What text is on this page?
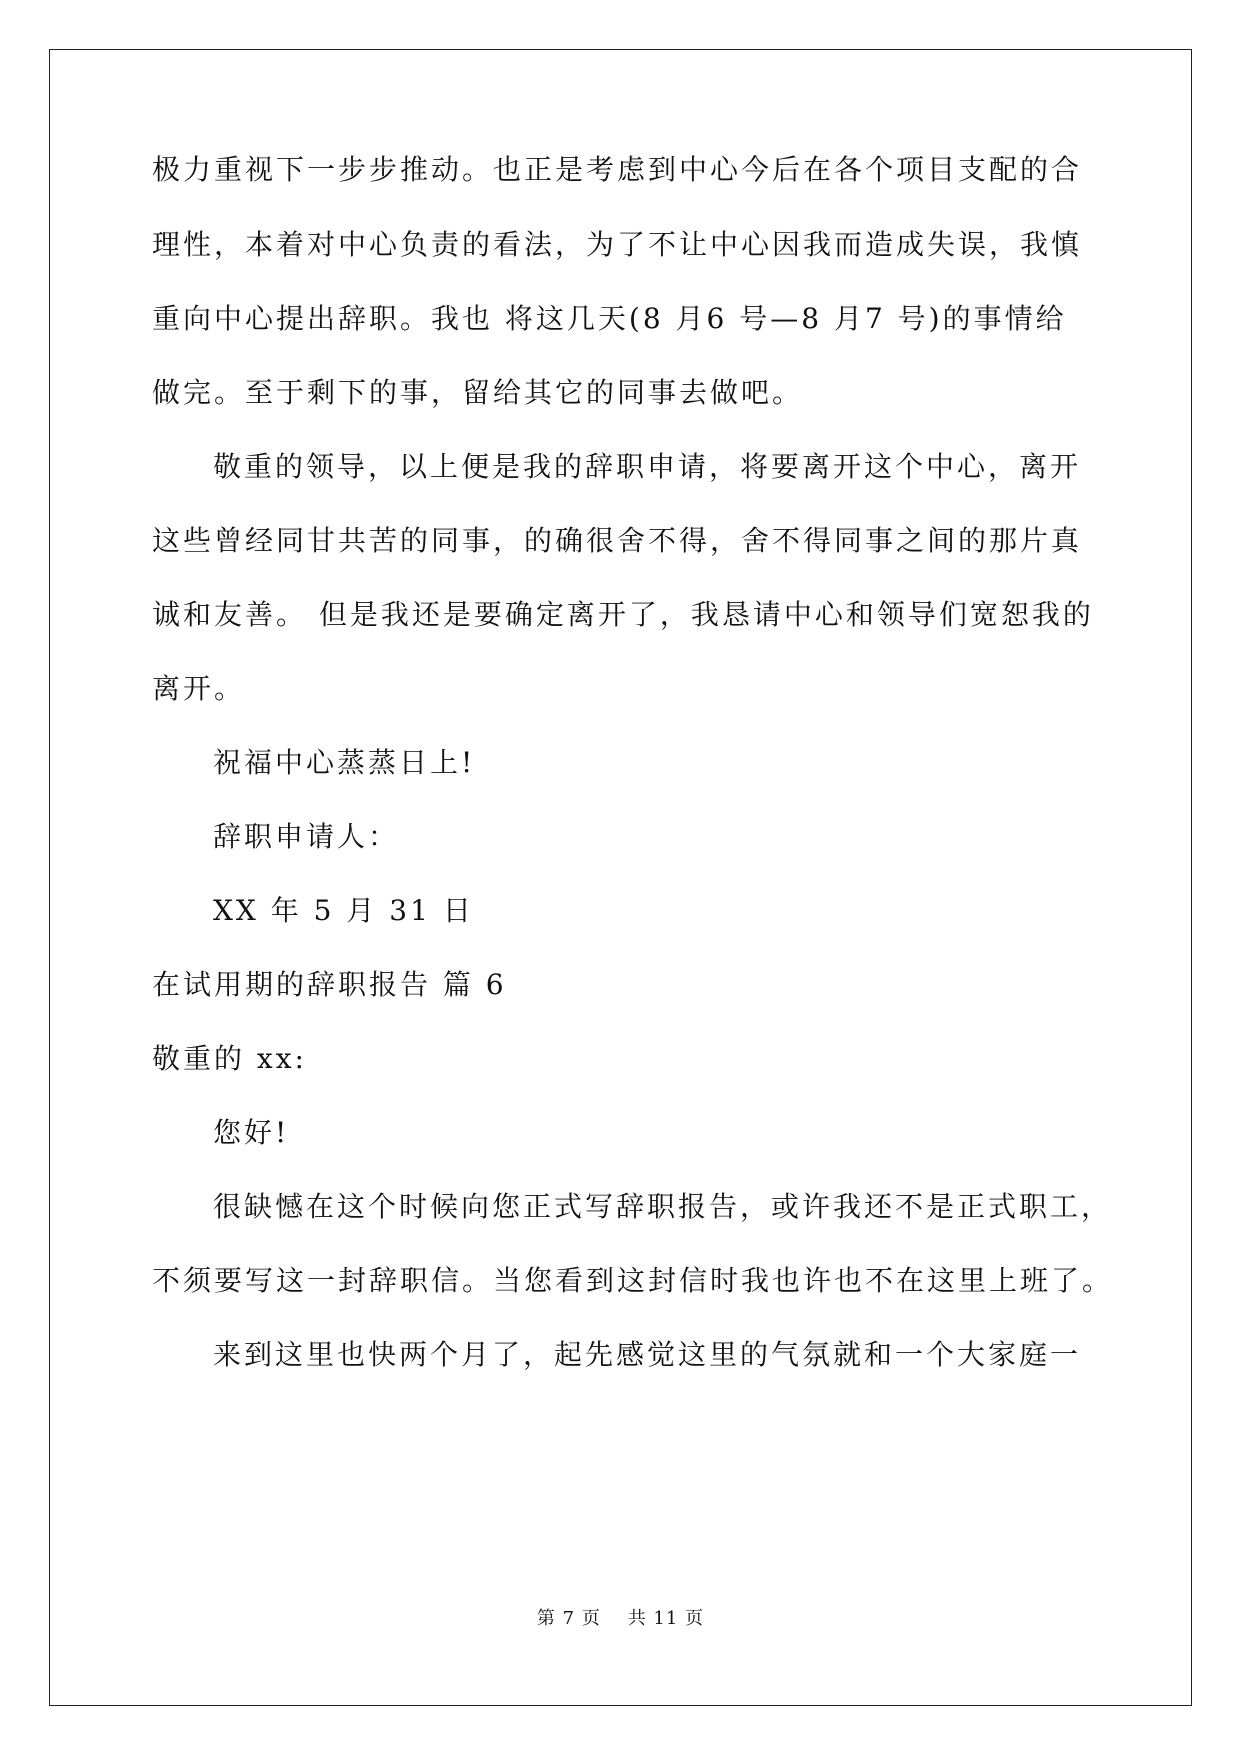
极力重视下一步步推动。也正是考虑到中心今后在各个项目支配的合
理性，本着对中心负责的看法，为了不让中心因我而造成失误，我慎
重向中心提出辞职。我也 将这几天(8 月6 号—8 月7 号)的事情给
做完。至于剩下的事，留给其它的同事去做吧。
敬重的领导，以上便是我的辞职申请，将要离开这个中心，离开
这些曾经同甘共苦的同事，的确很舍不得，舍不得同事之间的那片真
诚和友善。 但是我还是要确定离开了，我恳请中心和领导们宽恕我的
离开。
祝福中心蒸蒸日上!
辞职申请人：
XX 年 5 月 31 日
在试用期的辞职报告 篇 6
敬重的 xx:
您好!
很缺憾在这个时候向您正式写辞职报告，或许我还不是正式职工，
不须要写这一封辞职信。当您看到这封信时我也许也不在这里上班了。
来到这里也快两个月了，起先感觉这里的气氛就和一个大家庭一
第 7 页    共 11 页
